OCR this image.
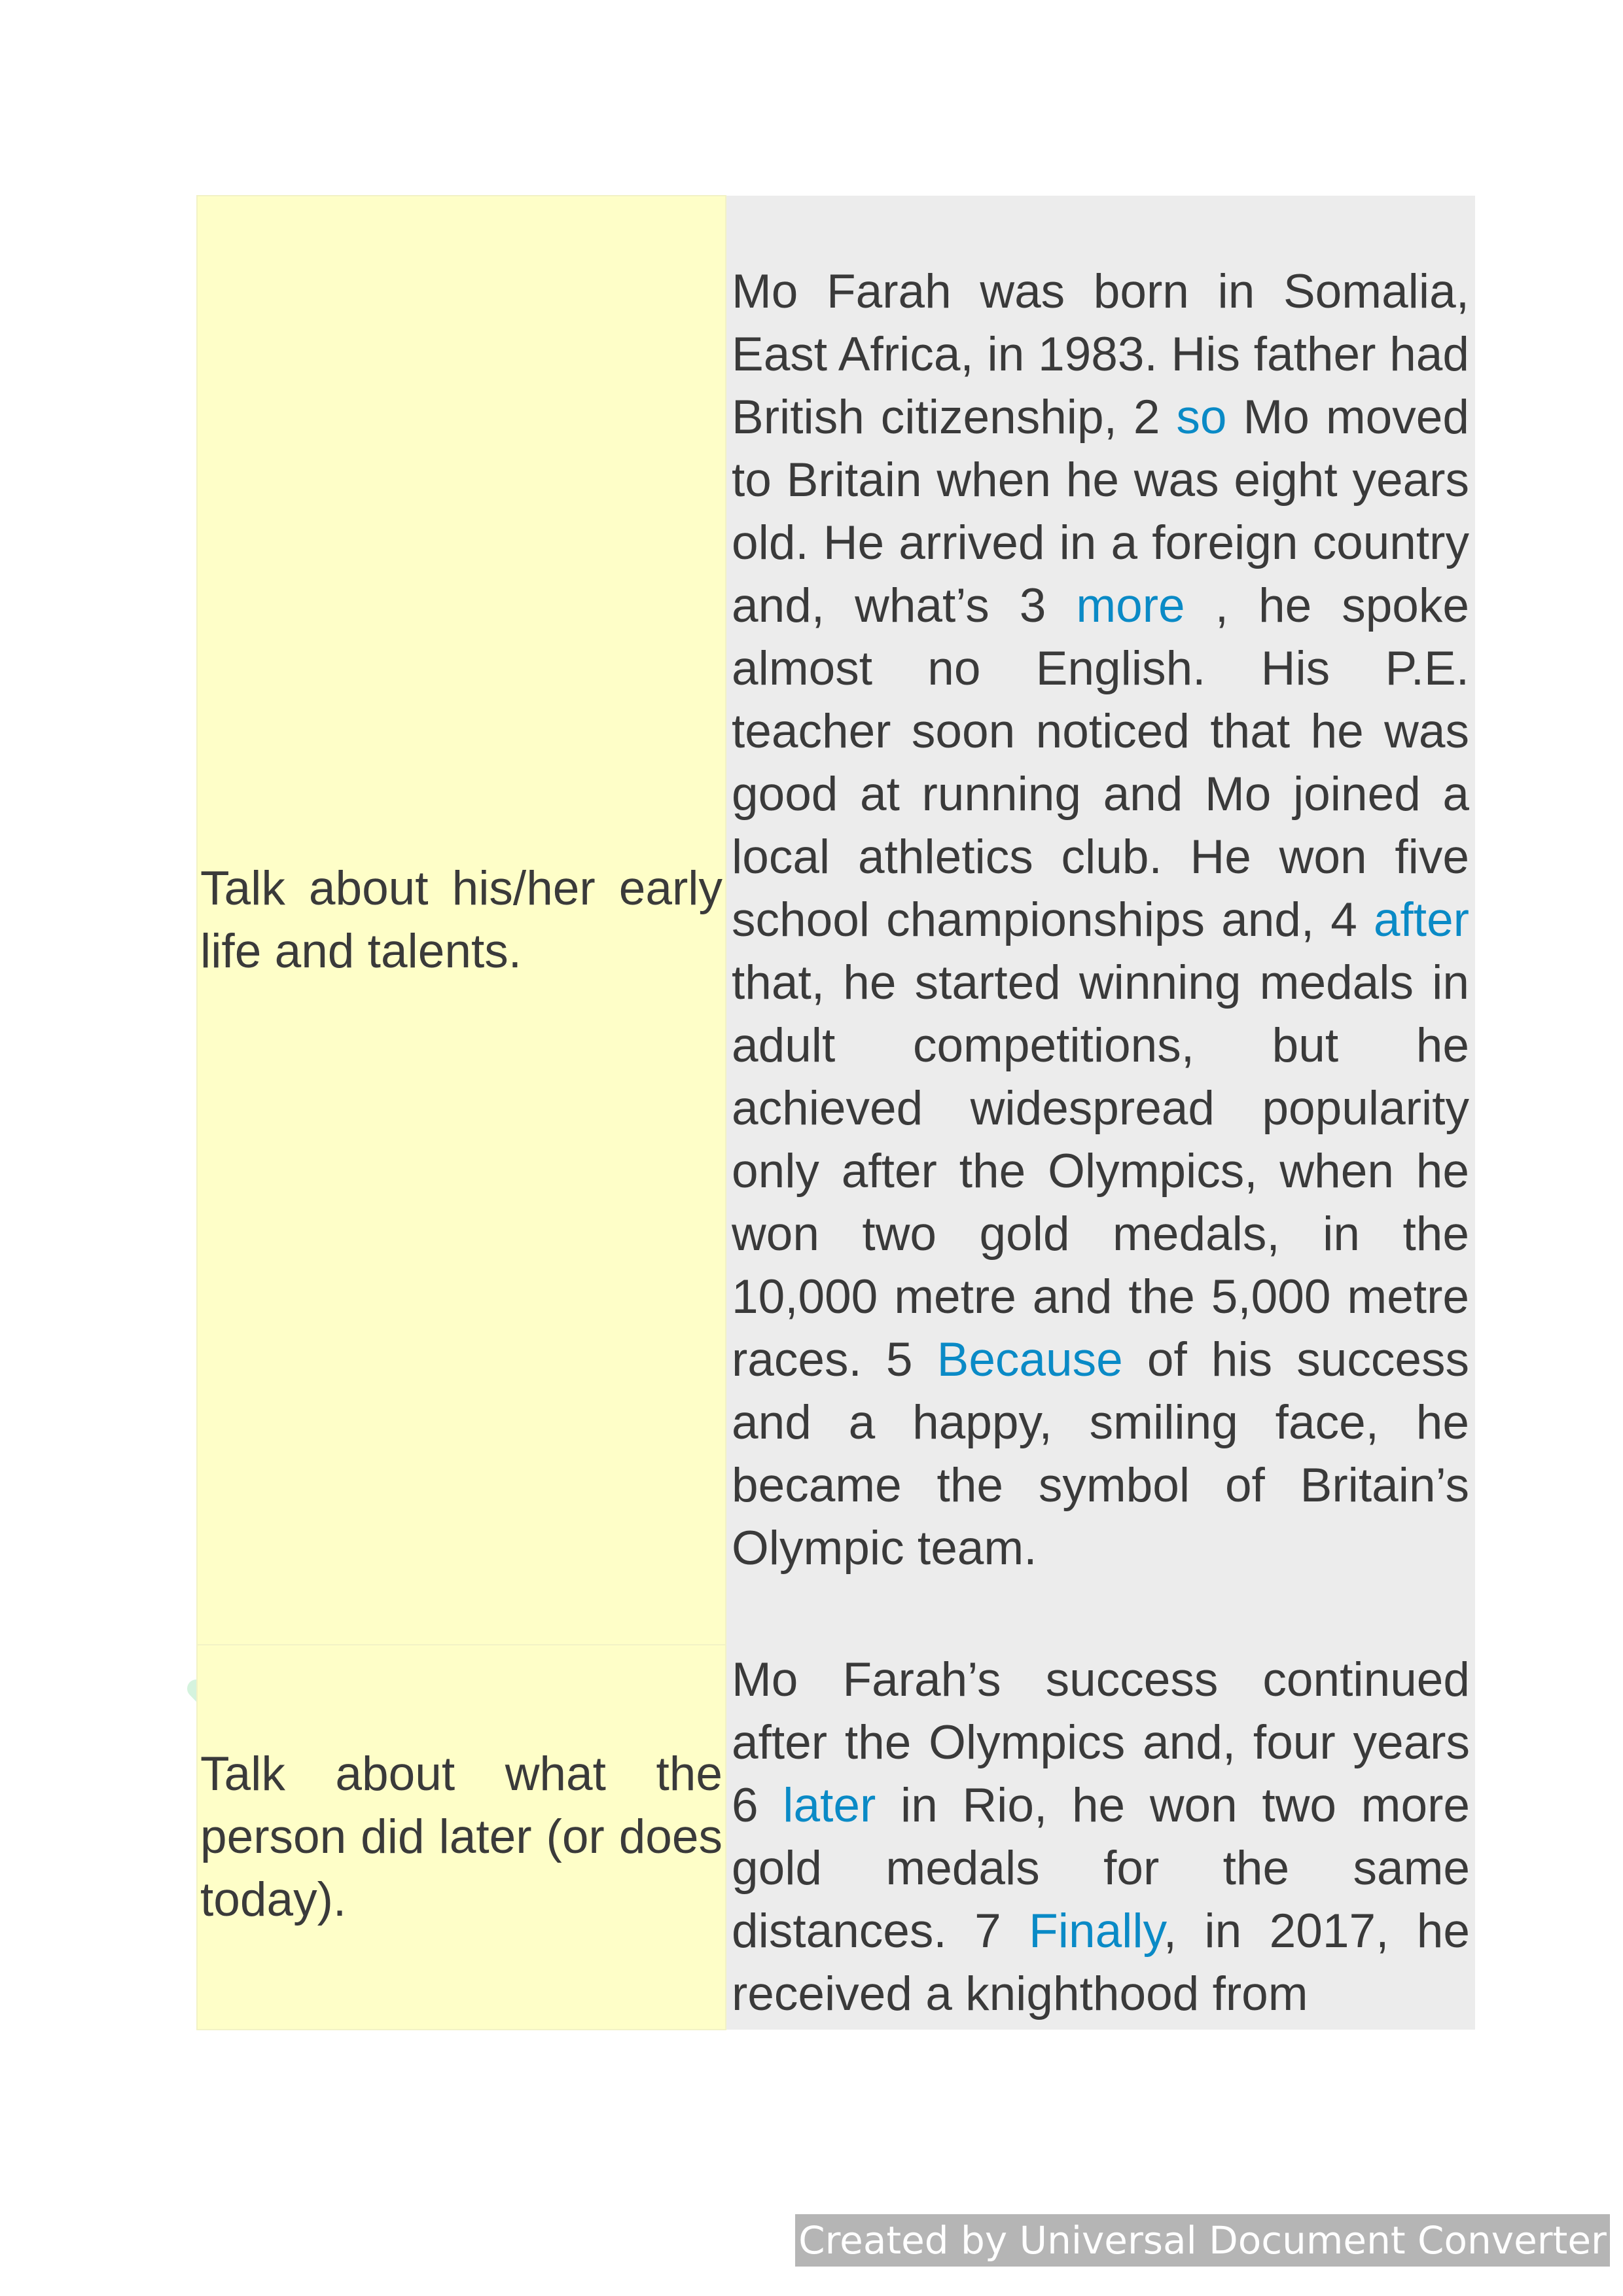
Talk about his/her early life and talents.	Mo Farah was born in Somalia, East Africa, in 1983. His father had British citizenship, 2 so Mo moved to Britain when he was eight years old. He arrived in a foreign country and, what’s 3 more , he spoke almost no English. His P.E. teacher soon noticed that he was good at running and Mo joined a local athletics club. He won five school championships and, 4 after that, he started winning medals in adult competitions, but he achieved widespread popularity only after the Olympics, when he won two gold medals, in the 10,000 metre and the 5,000 metre races. 5 Because of his success and a happy, smiling face, he became the symbol of Britain’s Olympic team.

Talk about what the person did later (or does today).	Mo Farah’s success continued after the Olympics and, four years 6 later in Rio, he won two more gold medals for the same distances. 7 Finally, in 2017, he received a knighthood from

Created by Universal Document Converter
